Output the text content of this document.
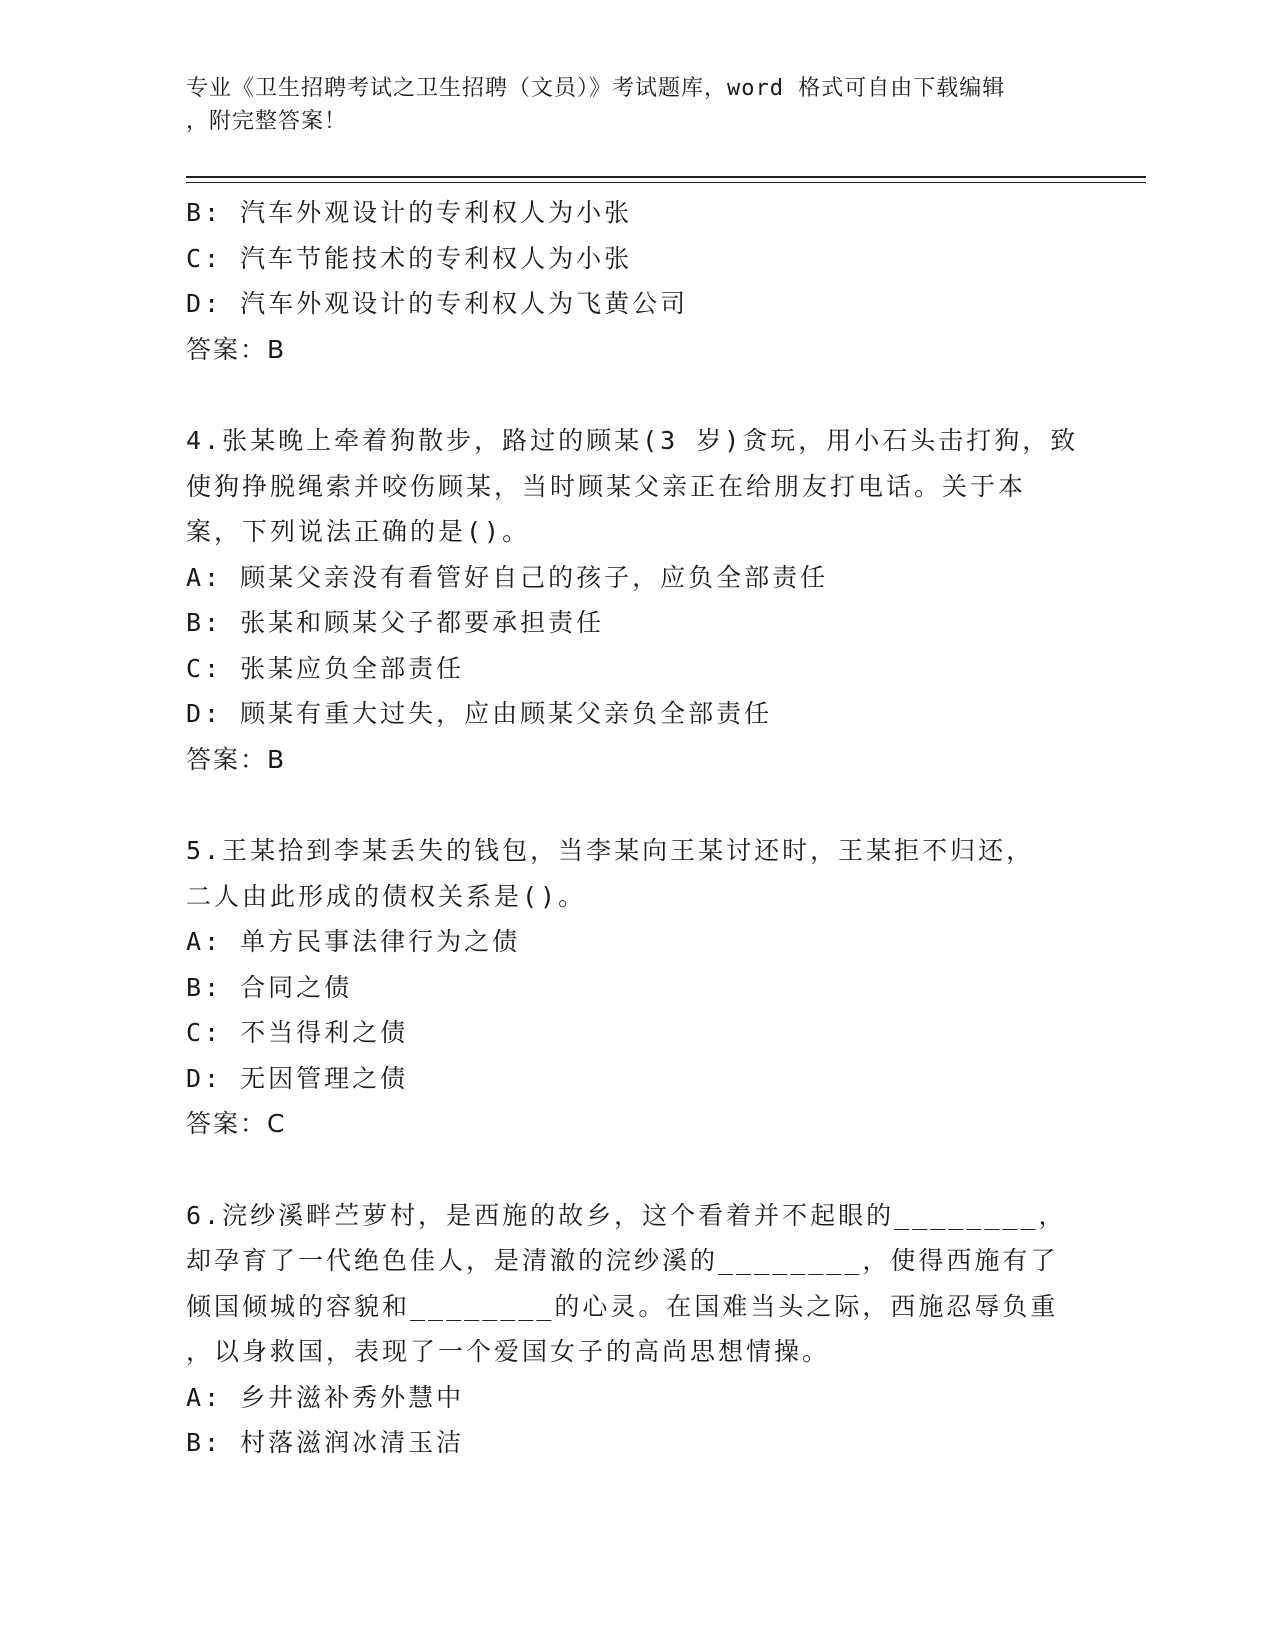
专业《卫生招聘考试之卫生招聘（文员）》考试题库，word 格式可自由下载编辑
，附完整答案！
B: 汽车外观设计的专利权人为小张
C: 汽车节能技术的专利权人为小张
D: 汽车外观设计的专利权人为飞黄公司
答案：B
4.张某晚上牵着狗散步，路过的顾某(3 岁)贪玩，用小石头击打狗，致
使狗挣脱绳索并咬伤顾某，当时顾某父亲正在给朋友打电话。关于本
案，下列说法正确的是()。
A: 顾某父亲没有看管好自己的孩子，应负全部责任
B: 张某和顾某父子都要承担责任
C: 张某应负全部责任
D: 顾某有重大过失，应由顾某父亲负全部责任
答案：B
5.王某拾到李某丢失的钱包，当李某向王某讨还时，王某拒不归还，
二人由此形成的债权关系是()。
A: 单方民事法律行为之债
B: 合同之债
C: 不当得利之债
D: 无因管理之债
答案：C
6.浣纱溪畔苎萝村，是西施的故乡，这个看着并不起眼的________，
却孕育了一代绝色佳人，是清澈的浣纱溪的________，使得西施有了
倾国倾城的容貌和________的心灵。在国难当头之际，西施忍辱负重
，以身救国，表现了一个爱国女子的高尚思想情操。
A: 乡井滋补秀外慧中
B: 村落滋润冰清玉洁
